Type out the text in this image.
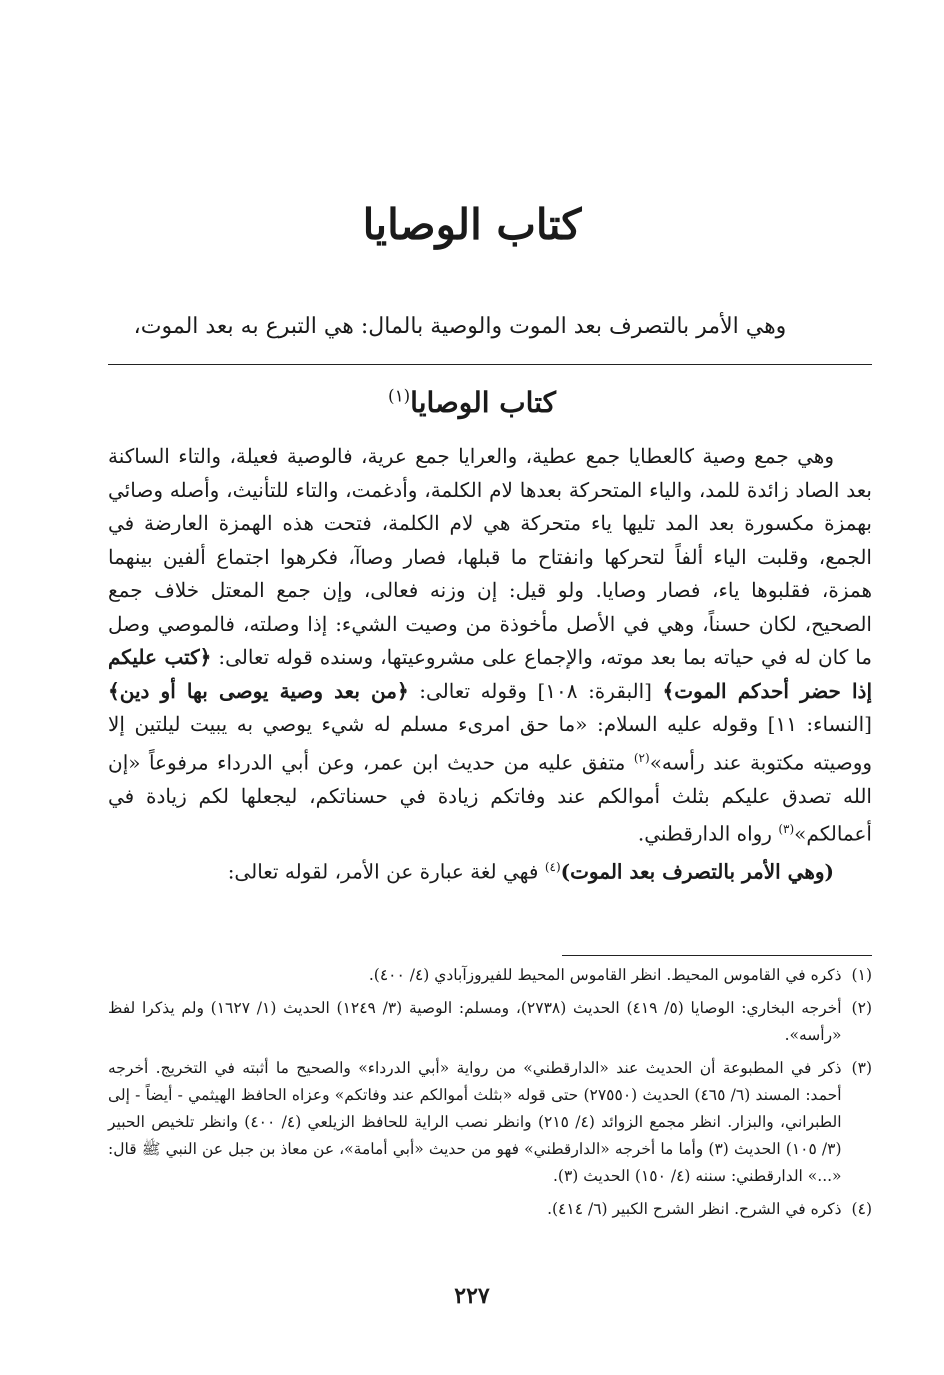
كتاب الوصايا
وهي الأمر بالتصرف بعد الموت والوصية بالمال: هي التبرع به بعد الموت،
كتاب الوصايا$^{(١)}$

وهي جمع وصية كالعطايا جمع عطية، والعرايا جمع عرية، فالوصية فعيلة، والتاء الساكنة بعد الصاد زائدة للمد، والياء المتحركة بعدها لام الكلمة، وأدغمت، والتاء للتأنيث، وأصله وصائي بهمزة مكسورة بعد المد تليها ياء متحركة هي لام الكلمة، فتحت هذه الهمزة العارضة في الجمع، وقلبت الياء ألفاً لتحركها وانفتاح ما قبلها، فصار وصاآ، فكرهوا اجتماع ألفين بينهما همزة، فقلبوها ياء، فصار وصايا. ولو قيل: إن وزنه فعالى، وإن جمع المعتل خلاف جمع الصحيح، لكان حسناً، وهي في الأصل مأخوذة من وصيت الشيء: إذا وصلته، فالموصي وصل ما كان له في حياته بما بعد موته، والإجماع على مشروعيتها، وسنده قوله تعالى: ﴿كتب عليكم إذا حضر أحدكم الموت﴾ [البقرة: ١٠٨] وقوله تعالى: ﴿من بعد وصية يوصى بها أو دين﴾ [النساء: ١١] وقوله عليه السلام: «ما حق امرىء مسلم له شيء يوصي به يبيت ليلتين إلا ووصيته مكتوبة عند رأسه»$^{(٢)}$ متفق عليه من حديث ابن عمر، وعن أبي الدرداء مرفوعاً «إن الله تصدق عليكم بثلث أموالكم عند وفاتكم زيادة في حسناتكم، ليجعلها لكم زيادة في أعمالكم»$^{(٣)}$ رواه الدارقطني.

(وهي الأمر بالتصرف بعد الموت)$^{(٤)}$ فهي لغة عبارة عن الأمر، لقوله تعالى:

(١)
ذكره في القاموس المحيط. انظر القاموس المحيط للفيروزآبادي (٤/ ٤٠٠).
(٢)
أخرجه البخاري: الوصايا (٥/ ٤١٩) الحديث (٢٧٣٨)، ومسلم: الوصية (٣/ ١٢٤٩) الحديث (١/ ١٦٢٧) ولم يذكرا لفظ «رأسه».
(٣)
ذكر في المطبوعة أن الحديث عند «الدارقطني» من رواية «أبي الدرداء» والصحيح ما أثبته في التخريج. أخرجه أحمد: المسند (٦/ ٤٦٥) الحديث (٢٧٥٥٠) حتى قوله «بثلث أموالكم عند وفاتكم» وعزاه الحافظ الهيثمي - أيضاً - إلى الطبراني، والبزار. انظر مجمع الزوائد (٤/ ٢١٥) وانظر نصب الراية للحافظ الزيلعي (٤/ ٤٠٠) وانظر تلخيص الحبير (٣/ ١٠٥) الحديث (٣) وأما ما أخرجه «الدارقطني» فهو من حديث «أبي أمامة»، عن معاذ بن جبل عن النبي ﷺ قال: «...» الدارقطني: سننه (٤/ ١٥٠) الحديث (٣).
(٤)
ذكره في الشرح. انظر الشرح الكبير (٦/ ٤١٤).
٢٢٧
